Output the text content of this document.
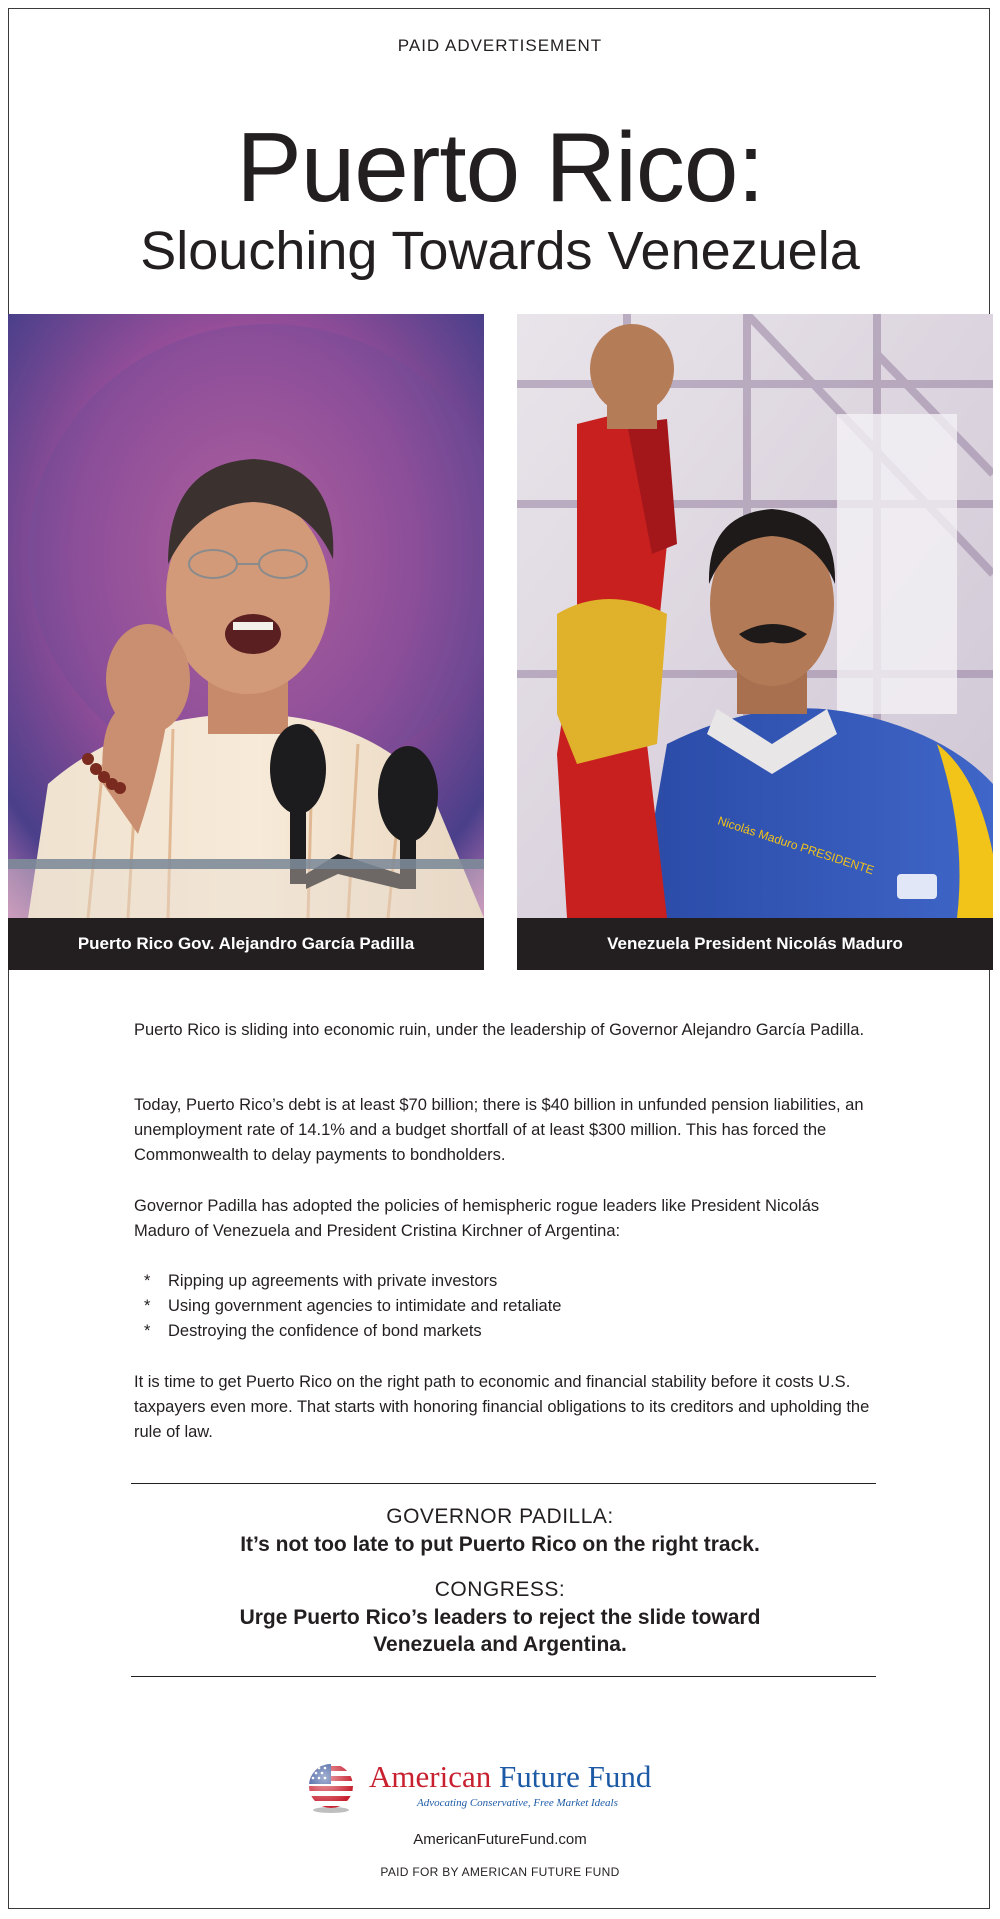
PAID ADVERTISEMENT
Puerto Rico:
Slouching Towards Venezuela
Puerto Rico Gov. Alejandro García Padilla
Nicolás Maduro PRESIDENTE
Venezuela President Nicolás Maduro
Puerto Rico is sliding into economic ruin, under the leadership of Governor Alejandro García Padilla.
Today, Puerto Rico’s debt is at least $70 billion; there is $40 billion in unfunded pension liabilities, an unemployment rate of 14.1% and a budget shortfall of at least $300 million. This has forced the Commonwealth to delay payments to bondholders.
Governor Padilla has adopted the policies of hemispheric rogue leaders like President Nicolás Maduro of Venezuela and President Cristina Kirchner of Argentina:
* Ripping up agreements with private investors
* Using government agencies to intimidate and retaliate
* Destroying the confidence of bond markets
It is time to get Puerto Rico on the right path to economic and financial stability before it costs U.S. taxpayers even more. That starts with honoring financial obligations to its creditors and upholding the rule of law.
GOVERNOR PADILLA:
It’s not too late to put Puerto Rico on the right track.
CONGRESS:
Urge Puerto Rico’s leaders to reject the slide toward
Venezuela and Argentina.
American Future Fund
Advocating Conservative, Free Market Ideals
AmericanFutureFund.com
PAID FOR BY AMERICAN FUTURE FUND
